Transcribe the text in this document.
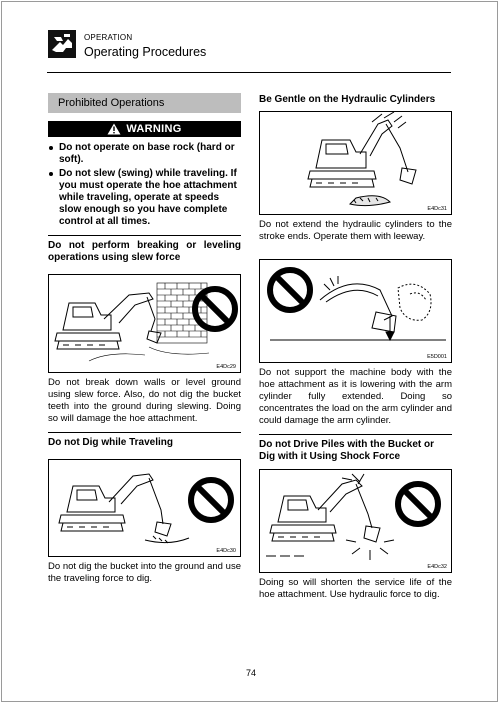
OPERATION
Operating Procedures
Prohibited Operations
WARNING
Do not operate on base rock (hard or soft).
Do not slew (swing) while traveling. If you must operate the hoe attachment while traveling, operate at speeds slow enough so you have complete control at all times.
Do not perform breaking or leveling operations using slew force
E4Dc29
Do not break down walls or level ground using slew force. Also, do not dig the bucket teeth into the ground during slewing. Doing so will damage the hoe attachment.
Do not Dig while Traveling
E4Dc30
Do not dig the bucket into the ground and use the traveling force to dig.
Be Gentle on the Hydraulic Cylinders
E4Dc31
Do not extend the hydraulic cylinders to the stroke ends. Operate them with leeway.
E5D001
Do not support the machine body with the hoe attachment as it is lowering with the arm cylinder fully extended. Doing so concentrates the load on the arm cylinder and could damage the arm cylinder.
Do not Drive Piles with the Bucket or Dig with it Using Shock Force
E4Dc32
Doing so will shorten the service life of the hoe attachment. Use hydraulic force to dig.
74
